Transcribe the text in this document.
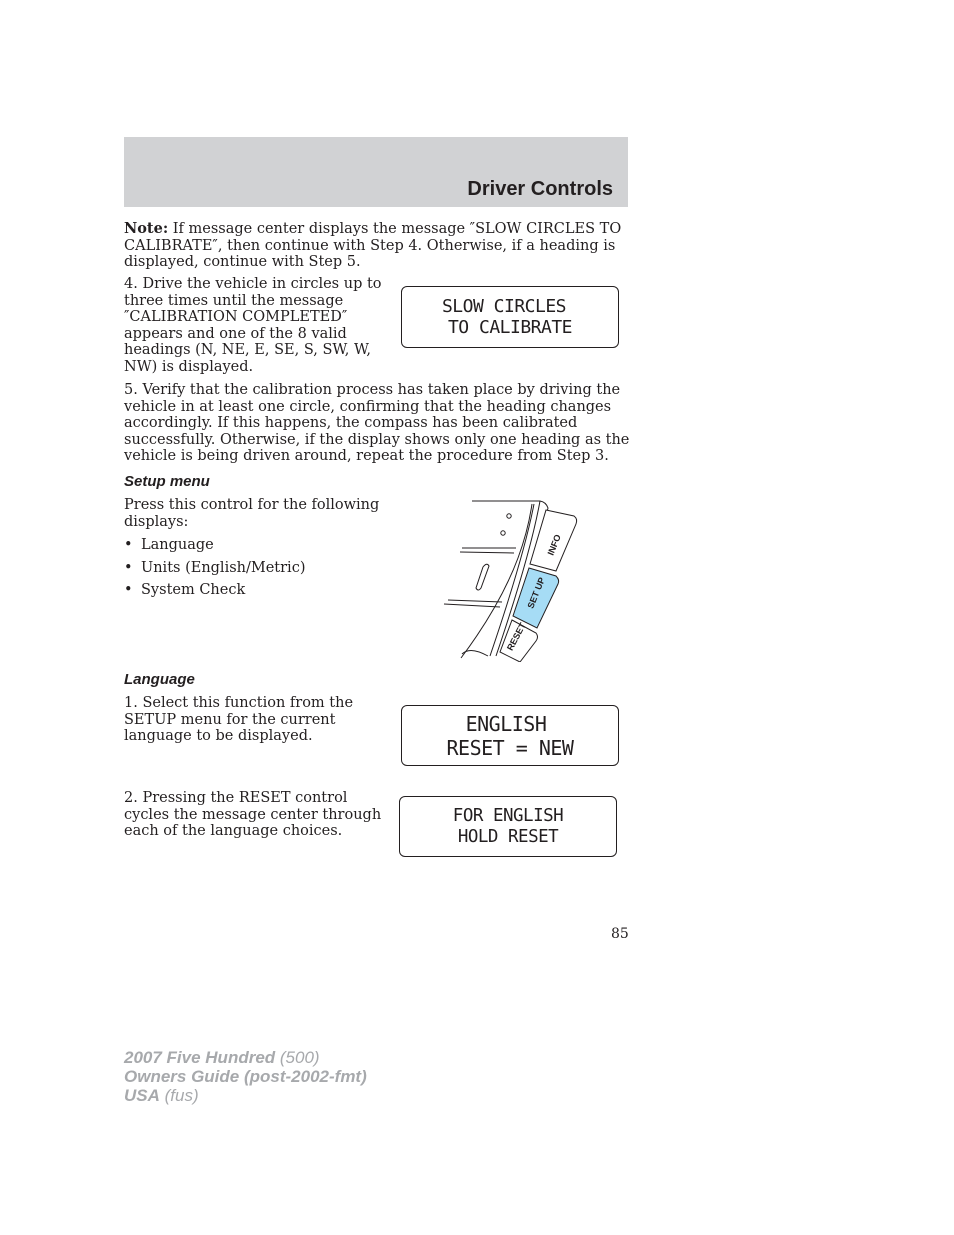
Driver Controls
Note: If message center displays the message ″SLOW CIRCLES TO
CALIBRATE″, then continue with Step 4. Otherwise, if a heading is
displayed, continue with Step 5.
4. Drive the vehicle in circles up to
three times until the message
″CALIBRATION COMPLETED″
appears and one of the 8 valid
headings (N, NE, E, SE, S, SW, W,
NW) is displayed.
SLOW CIRCLES
TO CALIBRATE
5. Verify that the calibration process has taken place by driving the
vehicle in at least one circle, confirming that the heading changes
accordingly. If this happens, the compass has been calibrated
successfully. Otherwise, if the display shows only one heading as the
vehicle is being driven around, repeat the procedure from Step 3.
Setup menu
Press this control for the following
displays:
• Language
• Units (English/Metric)
• System Check
INFO
SET UP
RESET
Language
1. Select this function from the
SETUP menu for the current
language to be displayed.
ENGLISH
RESET = NEW
2. Pressing the RESET control
cycles the message center through
each of the language choices.
FOR ENGLISH
HOLD RESET
85
2007 Five Hundred (500)
Owners Guide (post-2002-fmt)
USA (fus)
